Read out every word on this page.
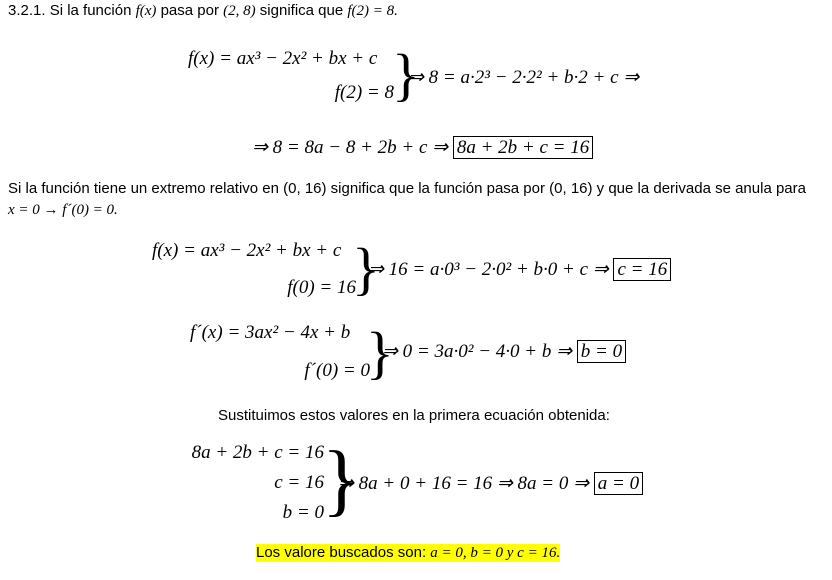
3.2.1. Si la función f(x) pasa por (2, 8) significa que f(2) = 8.
f(x) = ax³ − 2x² + bx + c
f(2) = 8
}
⇒ 8 = a·2³ − 2·2² + b·2 + c ⇒
⇒ 8 = 8a − 8 + 2b + c ⇒ 8a + 2b + c = 16
Si la función tiene un extremo relativo en (0, 16) significa que la función pasa por (0, 16) y que la derivada se anula para
x = 0 → f´(0) = 0.
f(x) = ax³ − 2x² + bx + c
f(0) = 16
}
⇒ 16 = a·0³ − 2·0² + b·0 + c ⇒ c = 16
f´(x) = 3ax² − 4x + b
f´(0) = 0
}
⇒ 0 = 3a·0² − 4·0 + b ⇒ b = 0
Sustituimos estos valores en la primera ecuación obtenida:
8a + 2b + c = 16
c = 16
b = 0
}
⇒ 8a + 0 + 16 = 16 ⇒ 8a = 0 ⇒ a = 0
Los valore buscados son: a = 0, b = 0 y c = 16.
